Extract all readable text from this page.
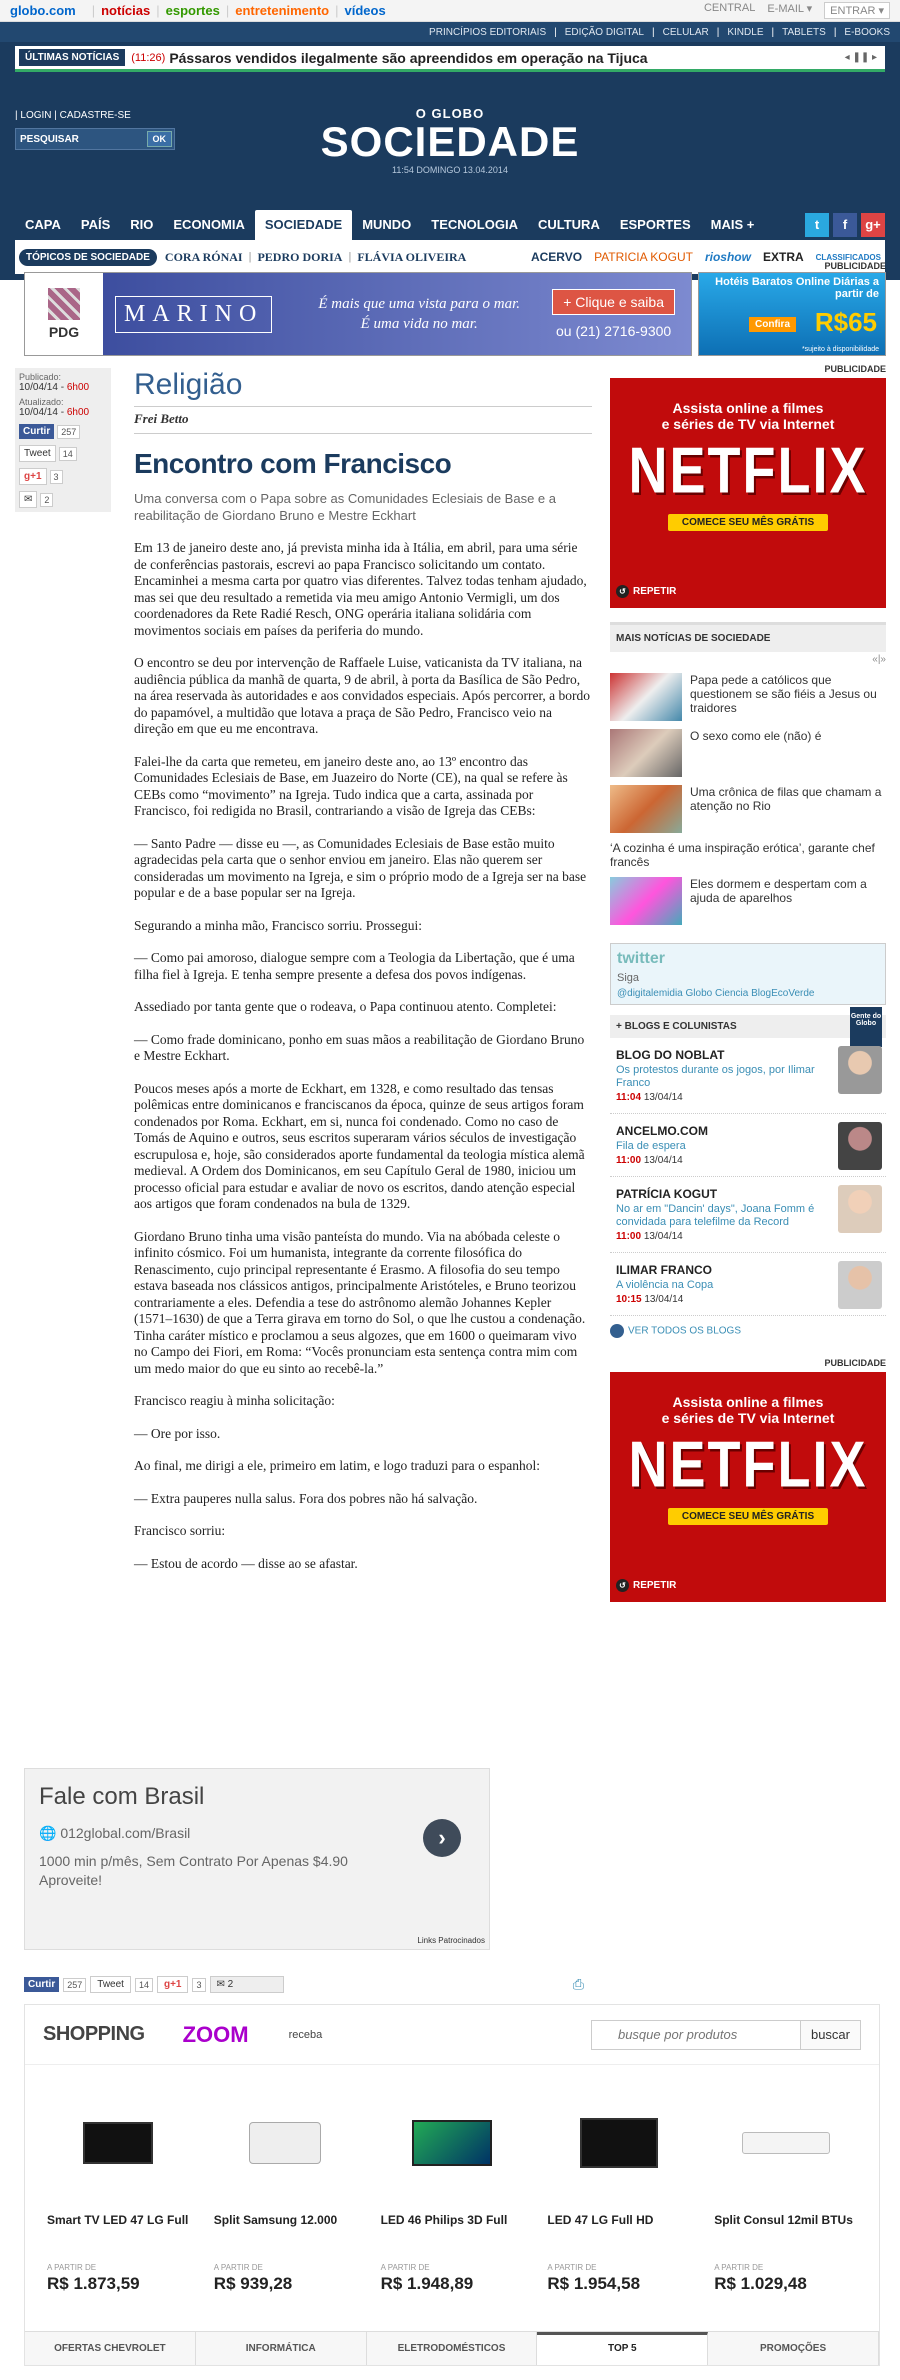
globo.com | notícias | esportes | entretenimento | vídeos	CENTRAL E-MAIL ▾	ENTRAR ▾
PRINCÍPIOS EDITORIAIS | EDIÇÃO DIGITAL | CELULAR | KINDLE | TABLETS | E-BOOKS
ÚLTIMAS NOTÍCIAS	(11:26) Pássaros vendidos ilegalmente são apreendidos em operação na Tijuca	◂ ❚❚ ▸
| LOGIN | CADASTRE-SE
PESQUISAR
OK
O GLOBO
SOCIEDADE
11:54 DOMINGO 13.04.2014
CAPA	PAÍS	RIO	ECONOMIA	SOCIEDADE	MUNDO	TECNOLOGIA	CULTURA	ESPORTES	MAIS +	t	f	g+
TÓPICOS DE SOCIEDADE	CORA RÓNAI | PEDRO DORIA | FLÁVIA OLIVEIRA	ACERVO PATRICIA KOGUT rioshow EXTRA CLASSIFICADOS
PUBLICIDADE
PDG
MARINO	É mais que uma vista para o mar.
É uma vida no mar.
+ Clique e saiba
ou (21) 2716-9300
Hotéis Baratos Online Diárias a partir de
Confira R$65
*sujeito à disponibilidade
PUBLICIDADE
Publicado:
10/04/14 - 6h00
Atualizado:
10/04/14 - 6h00
Curtir	257
Tweet	14
g+1	3
✉	2
Religião
Frei Betto
Encontro com Francisco
Uma conversa com o Papa sobre as Comunidades Eclesiais de Base e a reabilitação de Giordano Bruno e Mestre Eckhart

Em 13 de janeiro deste ano, já prevista minha ida à Itália, em abril, para uma série de conferências pastorais, escrevi ao papa Francisco solicitando um contato. Encaminhei a mesma carta por quatro vias diferentes. Talvez todas tenham ajudado, mas sei que deu resultado a remetida via meu amigo Antonio Vermigli, um dos coordenadores da Rete Radié Resch, ONG operária italiana solidária com movimentos sociais em países da periferia do mundo.

O encontro se deu por intervenção de Raffaele Luise, vaticanista da TV italiana, na audiência pública da manhã de quarta, 9 de abril, à porta da Basílica de São Pedro, na área reservada às autoridades e aos convidados especiais. Após percorrer, a bordo do papamóvel, a multidão que lotava a praça de São Pedro, Francisco veio na direção em que eu me encontrava.

Falei-lhe da carta que remeteu, em janeiro deste ano, ao 13º encontro das Comunidades Eclesiais de Base, em Juazeiro do Norte (CE), na qual se refere às CEBs como “movimento” na Igreja. Tudo indica que a carta, assinada por Francisco, foi redigida no Brasil, contrariando a visão de Igreja das CEBs:

— Santo Padre — disse eu —, as Comunidades Eclesiais de Base estão muito agradecidas pela carta que o senhor enviou em janeiro. Elas não querem ser consideradas um movimento na Igreja, e sim o próprio modo de a Igreja ser na base popular e de a base popular ser na Igreja.

Segurando a minha mão, Francisco sorriu. Prossegui:

— Como pai amoroso, dialogue sempre com a Teologia da Libertação, que é uma filha fiel à Igreja. E tenha sempre presente a defesa dos povos indígenas.

Assediado por tanta gente que o rodeava, o Papa continuou atento. Completei:

— Como frade dominicano, ponho em suas mãos a reabilitação de Giordano Bruno e Mestre Eckhart.

Poucos meses após a morte de Eckhart, em 1328, e como resultado das tensas polêmicas entre dominicanos e franciscanos da época, quinze de seus artigos foram condenados por Roma. Eckhart, em si, nunca foi condenado. Como no caso de Tomás de Aquino e outros, seus escritos superaram vários séculos de investigação escrupulosa e, hoje, são considerados aporte fundamental da teologia mística alemã medieval. A Ordem dos Dominicanos, em seu Capítulo Geral de 1980, iniciou um processo oficial para estudar e avaliar de novo os escritos, dando atenção especial aos artigos que foram condenados na bula de 1329.

Giordano Bruno tinha uma visão panteísta do mundo. Via na abóbada celeste o infinito cósmico. Foi um humanista, integrante da corrente filosófica do Renascimento, cujo principal representante é Erasmo. A filosofia do seu tempo estava baseada nos clássicos antigos, principalmente Aristóteles, e Bruno teorizou contrariamente a eles. Defendia a tese do astrônomo alemão Johannes Kepler (1571–1630) de que a Terra girava em torno do Sol, o que lhe custou a condenação. Tinha caráter místico e proclamou a seus algozes, que em 1600 o queimaram vivo no Campo dei Fiori, em Roma: “Vocês pronunciam esta sentença contra mim com um medo maior do que eu sinto ao recebê-la.”

Francisco reagiu à minha solicitação:

— Ore por isso.

Ao final, me dirigi a ele, primeiro em latim, e logo traduzi para o espanhol:

— Extra pauperes nulla salus. Fora dos pobres não há salvação.

Francisco sorriu:

— Estou de acordo — disse ao se afastar.

Assista online a filmes
e séries de TV via Internet
NETFLIX
COMECE SEU MÊS GRÁTIS
↺ REPETIR
MAIS NOTÍCIAS DE SOCIEDADE
«|»
Papa pede a católicos que questionem se são fiéis a Jesus ou traidores
O sexo como ele (não) é
Uma crônica de filas que chamam a atenção no Rio
‘A cozinha é uma inspiração erótica’, garante chef francês
Eles dormem e despertam com a ajuda de aparelhos
twitter
Siga
@digitalemidia Globo Ciencia BlogEcoVerde
+ BLOGS E COLUNISTAS
Gente do Globo
BLOG DO NOBLAT
Os protestos durante os jogos, por Ilimar Franco
11:04 13/04/14
ANCELMO.COM
Fila de espera
11:00 13/04/14
PATRÍCIA KOGUT
No ar em "Dancin' days", Joana Fomm é convidada para telefilme da Record
11:00 13/04/14
ILIMAR FRANCO
A violência na Copa
10:15 13/04/14
VER TODOS OS BLOGS
PUBLICIDADE
Assista online a filmes
e séries de TV via Internet
NETFLIX
COMECE SEU MÊS GRÁTIS
↺ REPETIR
Fale com Brasil
🌐 012global.com/Brasil
1000 min p/mês, Sem Contrato Por Apenas $4.90
Aproveite!
›
Links Patrocinados
Curtir	257	Tweet	14	g+1	3	✉ 2	⎙
SHOPPING ZOOM	receba
busque por produtos	buscar
Smart TV LED 47 LG Full
A PARTIR DE
R$ 1.873,59
Split Samsung 12.000
A PARTIR DE
R$ 939,28
LED 46 Philips 3D Full
A PARTIR DE
R$ 1.948,89
LED 47 LG Full HD
A PARTIR DE
R$ 1.954,58
Split Consul 12mil BTUs
A PARTIR DE
R$ 1.029,48
OFERTAS CHEVROLET	INFORMÁTICA	ELETRODOMÉSTICOS	TOP 5	PROMOÇÕES
